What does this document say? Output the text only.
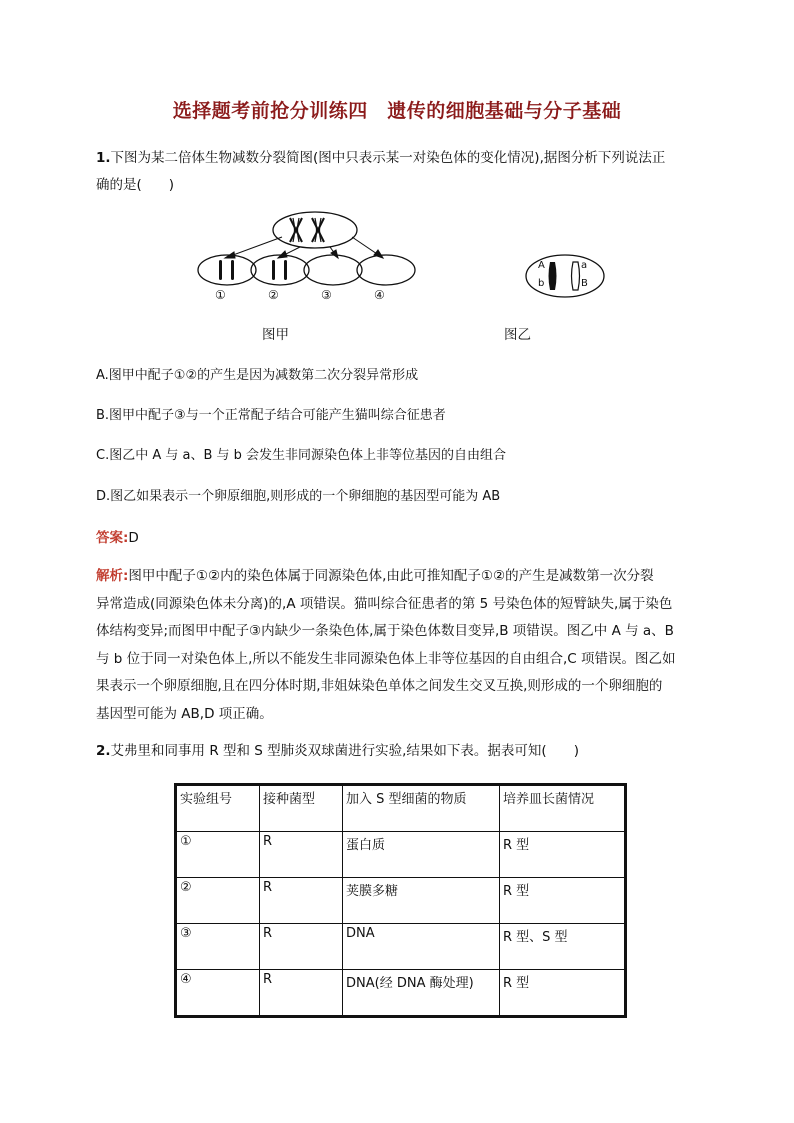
选择题考前抢分训练四　遗传的细胞基础与分子基础
1.下图为某二倍体生物减数分裂简图(图中只表示某一对染色体的变化情况),据图分析下列说法正
确的是(　　)
①	②	③	④
A
b
a
B
图甲	图乙
A.图甲中配子①②的产生是因为减数第二次分裂异常形成
B.图甲中配子③与一个正常配子结合可能产生猫叫综合征患者
C.图乙中 A 与 a、B 与 b 会发生非同源染色体上非等位基因的自由组合
D.图乙如果表示一个卵原细胞,则形成的一个卵细胞的基因型可能为 AB
答案:D
解析:图甲中配子①②内的染色体属于同源染色体,由此可推知配子①②的产生是减数第一次分裂
异常造成(同源染色体未分离)的,A 项错误。猫叫综合征患者的第 5 号染色体的短臂缺失,属于染色
体结构变异;而图甲中配子③内缺少一条染色体,属于染色体数目变异,B 项错误。图乙中 A 与 a、B
与 b 位于同一对染色体上,所以不能发生非同源染色体上非等位基因的自由组合,C 项错误。图乙如
果表示一个卵原细胞,且在四分体时期,非姐妹染色单体之间发生交叉互换,则形成的一个卵细胞的
基因型可能为 AB,D 项正确。
2.艾弗里和同事用 R 型和 S 型肺炎双球菌进行实验,结果如下表。据表可知(　　)
实验组号	接种菌型	加入 S 型细菌的物质	培养皿长菌情况
①	R	蛋白质	R 型
②	R	荚膜多糖	R 型
③	R	DNA	R 型、S 型
④	R	DNA(经 DNA 酶处理)	R 型
